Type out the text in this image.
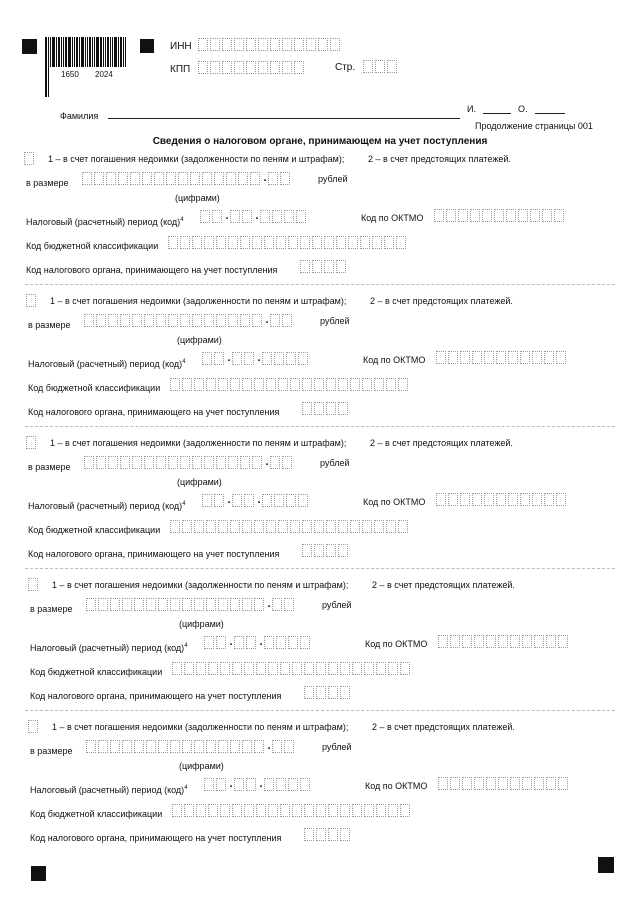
1650 2024
ИНН
КПП	Стр.
Фамилия
И.	О.
Продолжение страницы 001
Сведения о налоговом органе, принимающем на учет поступления
1 – в счет погашения недоимки (задолженности по пеням и штрафам);	2 – в счет предстоящих платежей.
в размере	.	рублей
(цифрами)
Налоговый (расчетный) период (код)$^4$	. .	Код по ОКТМО
Код бюджетной классификации
Код налогового органа, принимающего на учет поступления
1 – в счет погашения недоимки (задолженности по пеням и штрафам);	2 – в счет предстоящих платежей.
в размере	.	рублей
(цифрами)
Налоговый (расчетный) период (код)$^4$	. .	Код по ОКТМО
Код бюджетной классификации
Код налогового органа, принимающего на учет поступления
1 – в счет погашения недоимки (задолженности по пеням и штрафам);	2 – в счет предстоящих платежей.
в размере	.	рублей
(цифрами)
Налоговый (расчетный) период (код)$^4$	. .	Код по ОКТМО
Код бюджетной классификации
Код налогового органа, принимающего на учет поступления
1 – в счет погашения недоимки (задолженности по пеням и штрафам);	2 – в счет предстоящих платежей.
в размере	.	рублей
(цифрами)
Налоговый (расчетный) период (код)$^4$	. .	Код по ОКТМО
Код бюджетной классификации
Код налогового органа, принимающего на учет поступления
1 – в счет погашения недоимки (задолженности по пеням и штрафам);	2 – в счет предстоящих платежей.
в размере	.	рублей
(цифрами)
Налоговый (расчетный) период (код)$^4$	. .	Код по ОКТМО
Код бюджетной классификации
Код налогового органа, принимающего на учет поступления
